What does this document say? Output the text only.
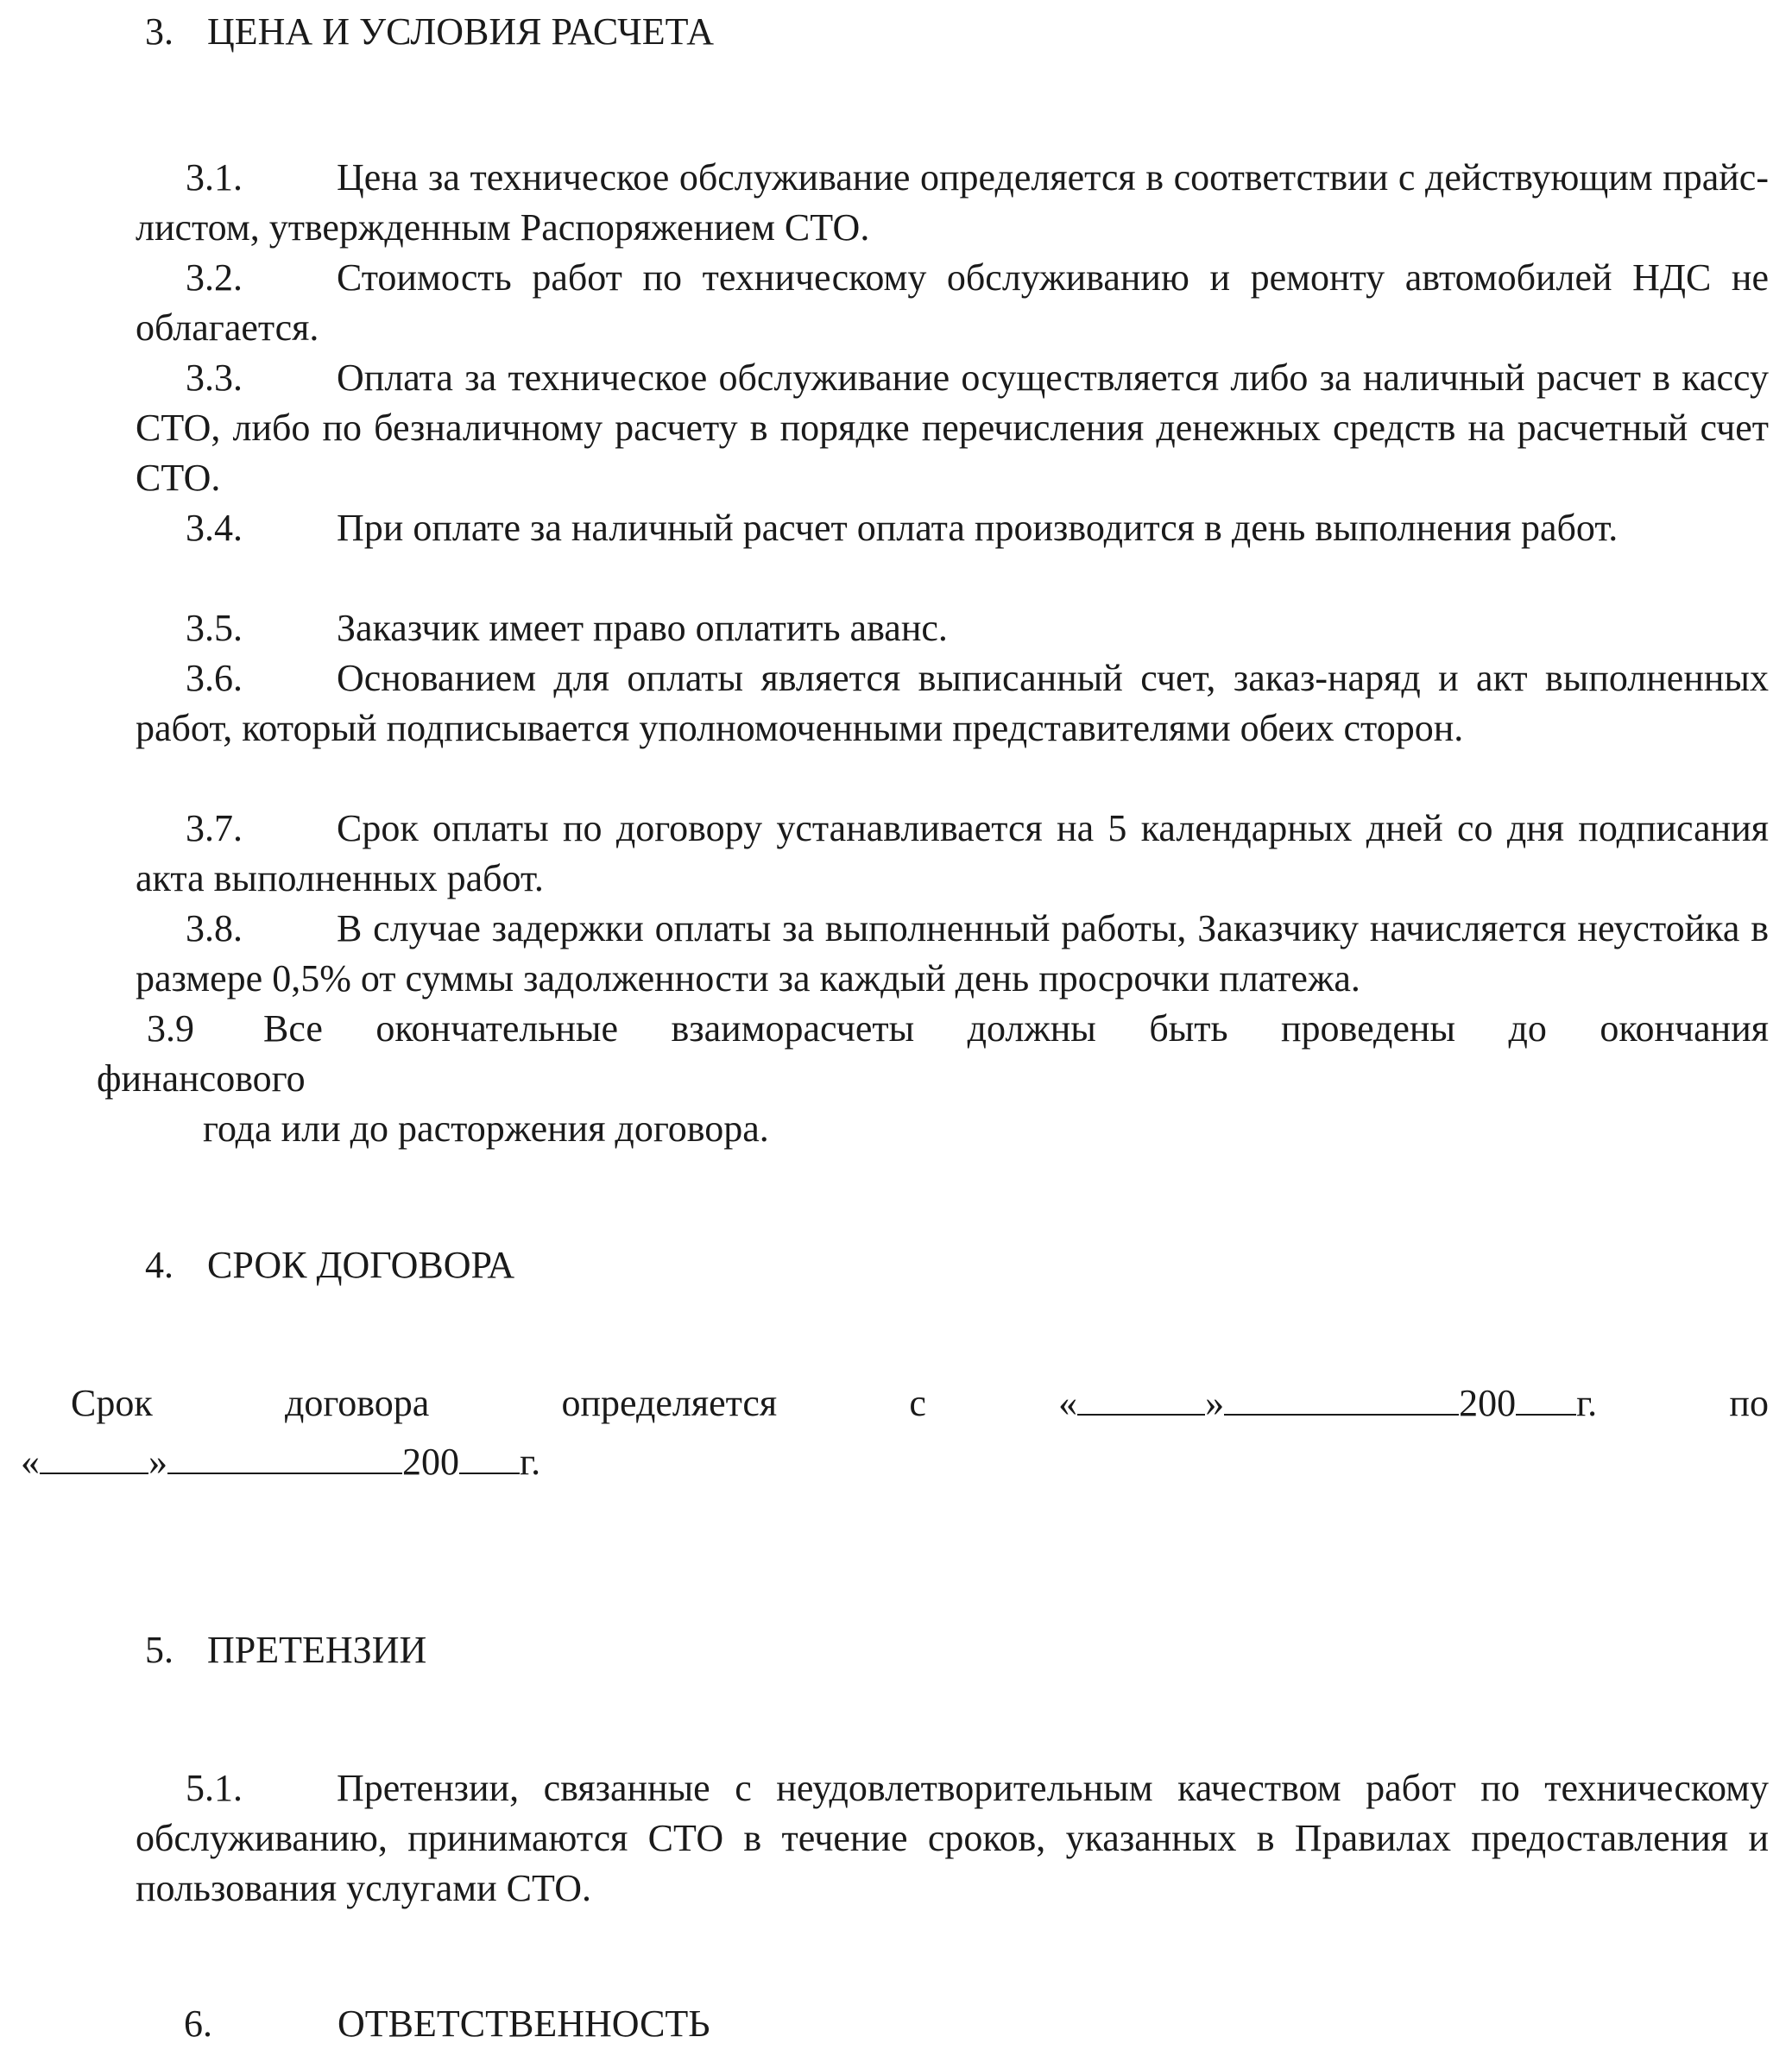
3. ЦЕНА И УСЛОВИЯ РАСЧЕТА
3.1. Цена за техническое обслуживание определяется в соответствии с действующим прайс-листом, утвержденным Распоряжением СТО.
3.2. Стоимость работ по техническому обслуживанию и ремонту автомобилей НДС не облагается.
3.3. Оплата за техническое обслуживание осуществляется либо за наличный расчет в кассу СТО, либо по безналичному расчету в порядке перечисления денежных средств на расчетный счет СТО.
3.4. При оплате за наличный расчет оплата производится в день выполнения работ.
3.5. Заказчик имеет право оплатить аванс.
3.6. Основанием для оплаты является выписанный счет, заказ-наряд и акт выполненных работ, который подписывается уполномоченными представителями обеих сторон.
3.7. Срок оплаты по договору устанавливается на 5 календарных дней со дня подписания акта выполненных работ.
3.8. В случае задержки оплаты за выполненный работы, Заказчику начисляется неустойка в размере 0,5% от суммы задолженности за каждый день просрочки платежа.
3.9	Все окончательные взаиморасчеты должны быть проведены до окончания
финансового
года или до расторжения договора.
4. СРОК ДОГОВОРА
Срок	договора	определяется	с	«	»	200 г.	по
«	»	200 г.
5. ПРЕТЕНЗИИ
5.1. Претензии, связанные с неудовлетворительным качеством работ по техническому обслуживанию, принимаются СТО в течение сроков, указанных в Правилах предоставления и пользования услугами СТО.
6.	ОТВЕТСТВЕННОСТЬ
